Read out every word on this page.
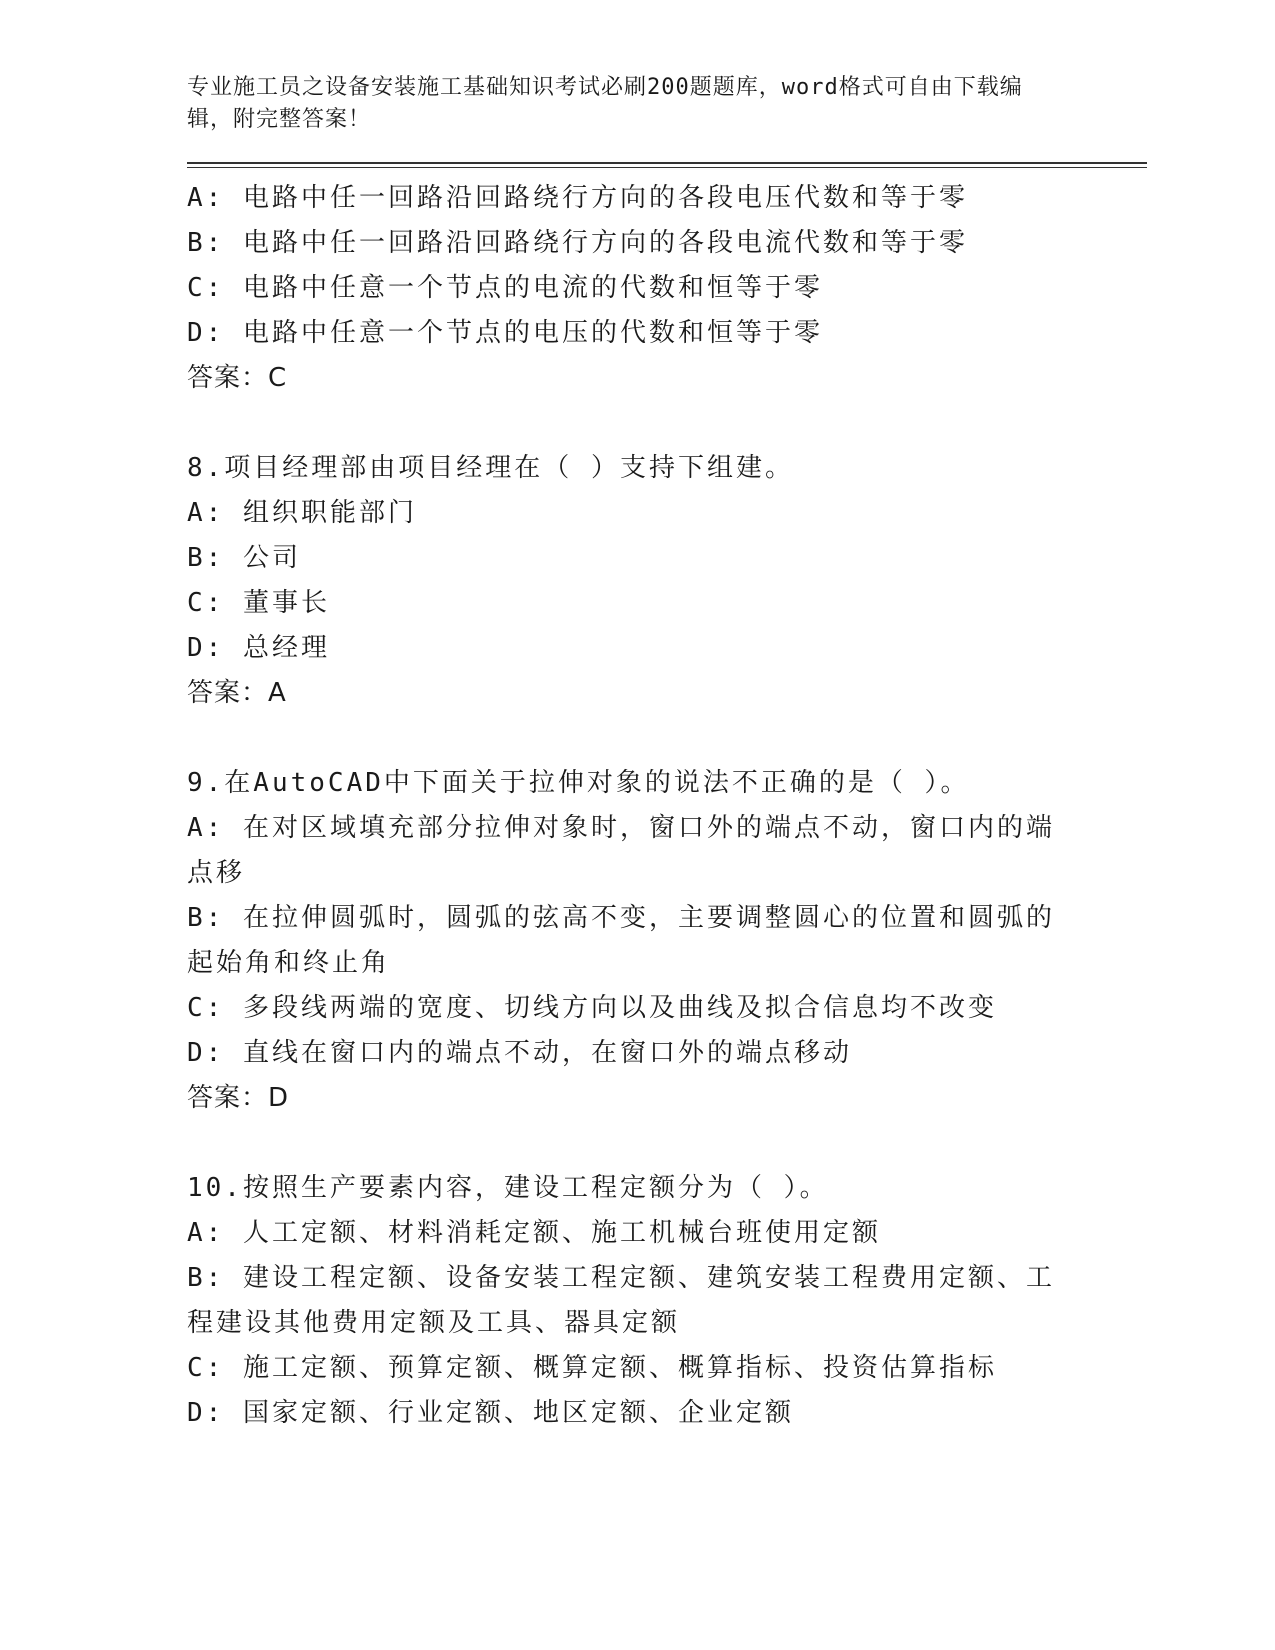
专业施工员之设备安装施工基础知识考试必刷200题题库，word格式可自由下载编辑，附完整答案！

A: 电路中任一回路沿回路绕行方向的各段电压代数和等于零
B: 电路中任一回路沿回路绕行方向的各段电流代数和等于零
C: 电路中任意一个节点的电流的代数和恒等于零
D: 电路中任意一个节点的电压的代数和恒等于零
答案：C
8.项目经理部由项目经理在（ ）支持下组建。
A: 组织职能部门
B: 公司
C: 董事长
D: 总经理
答案：A
9.在AutoCAD中下面关于拉伸对象的说法不正确的是（ ）。
A: 在对区域填充部分拉伸对象时，窗口外的端点不动，窗口内的端点移
B: 在拉伸圆弧时，圆弧的弦高不变，主要调整圆心的位置和圆弧的起始角和终止角
C: 多段线两端的宽度、切线方向以及曲线及拟合信息均不改变
D: 直线在窗口内的端点不动，在窗口外的端点移动
答案：D
10.按照生产要素内容，建设工程定额分为（ ）。
A: 人工定额、材料消耗定额、施工机械台班使用定额
B: 建设工程定额、设备安装工程定额、建筑安装工程费用定额、工程建设其他费用定额及工具、器具定额
C: 施工定额、预算定额、概算定额、概算指标、投资估算指标
D: 国家定额、行业定额、地区定额、企业定额
